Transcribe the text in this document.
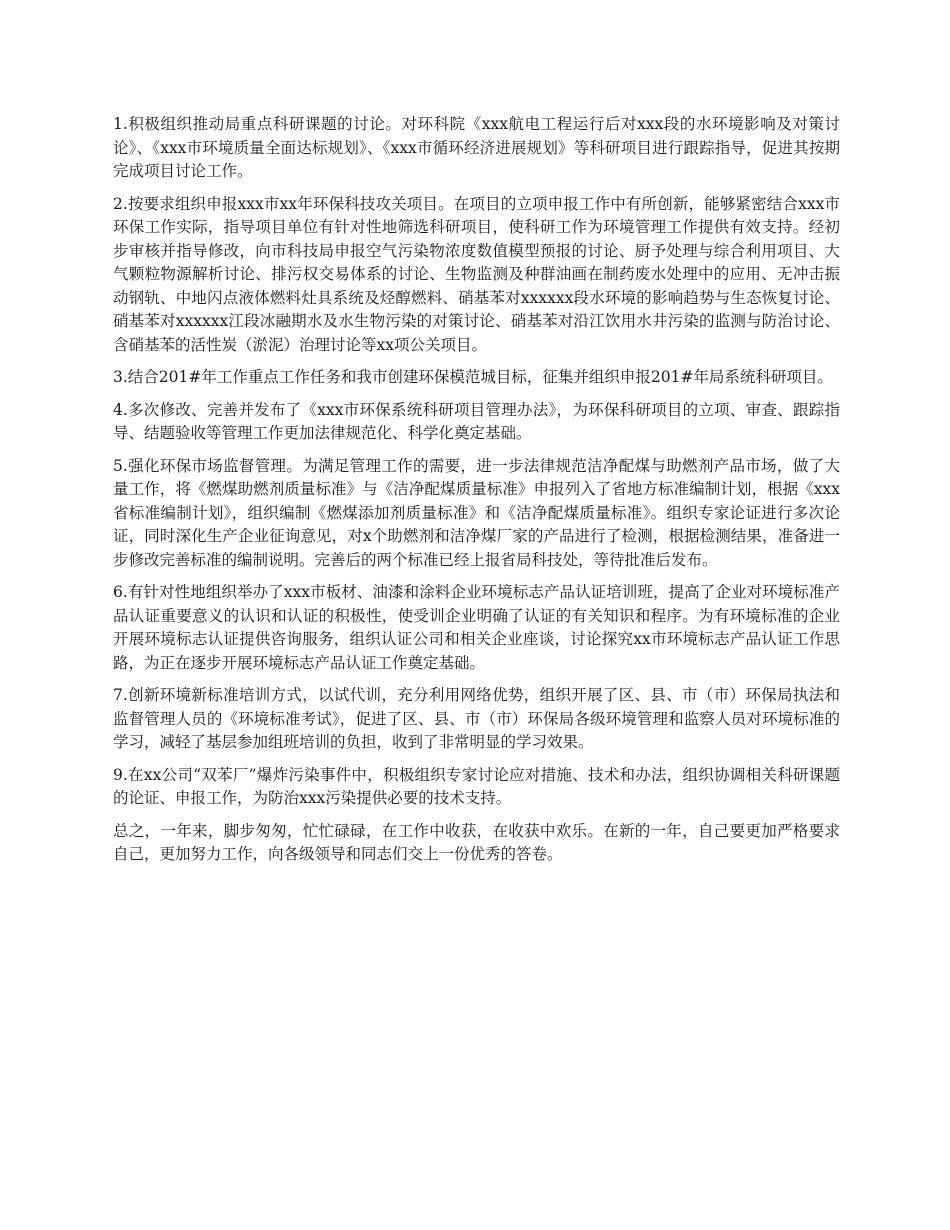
1.积极组织推动局重点科研课题的讨论。对环科院《xxx航电工程运行后对xxx段的水环境影响及对策讨论》、《xxx市环境质量全面达标规划》、《xxx市循环经济进展规划》等科研项目进行跟踪指导，促进其按期完成项目讨论工作。

2.按要求组织申报xxx市xx年环保科技攻关项目。在项目的立项申报工作中有所创新，能够紧密结合xxx市环保工作实际，指导项目单位有针对性地筛选科研项目，使科研工作为环境管理工作提供有效支持。经初步审核并指导修改，向市科技局申报空气污染物浓度数值模型预报的讨论、厨予处理与综合利用项目、大气颗粒物源解析讨论、排污权交易体系的讨论、生物监测及种群油画在制药废水处理中的应用、无冲击振动钢轨、中地闪点液体燃料灶具系统及烃醇燃料、硝基苯对xxxxxx段水环境的影响趋势与生态恢复讨论、硝基苯对xxxxxx江段冰融期水及水生物污染的对策讨论、硝基苯对沿江饮用水井污染的监测与防治讨论、含硝基苯的活性炭（淤泥）治理讨论等xx项公关项目。

3.结合201#年工作重点工作任务和我市创建环保模范城目标，征集并组织申报201#年局系统科研项目。

4.多次修改、完善并发布了《xxx市环保系统科研项目管理办法》，为环保科研项目的立项、审查、跟踪指导、结题验收等管理工作更加法律规范化、科学化奠定基础。

5.强化环保市场监督管理。为满足管理工作的需要，进一步法律规范洁净配煤与助燃剂产品市场，做了大量工作，将《燃煤助燃剂质量标准》与《洁净配煤质量标准》申报列入了省地方标准编制计划，根据《xxx省标准编制计划》，组织编制《燃煤添加剂质量标准》和《洁净配煤质量标准》。组织专家论证进行多次论证，同时深化生产企业征询意见，对x个助燃剂和洁净煤厂家的产品进行了检测，根据检测结果，准备进一步修改完善标准的编制说明。完善后的两个标准已经上报省局科技处，等待批准后发布。

6.有针对性地组织举办了xxx市板材、油漆和涂料企业环境标志产品认证培训班，提高了企业对环境标准产品认证重要意义的认识和认证的积极性，使受训企业明确了认证的有关知识和程序。为有环境标准的企业开展环境标志认证提供咨询服务，组织认证公司和相关企业座谈，讨论探究xx市环境标志产品认证工作思路，为正在逐步开展环境标志产品认证工作奠定基础。

7.创新环境新标准培训方式，以试代训，充分利用网络优势，组织开展了区、县、市（市）环保局执法和监督管理人员的《环境标准考试》，促进了区、县、市（市）环保局各级环境管理和监察人员对环境标准的学习，减轻了基层参加组班培训的负担，收到了非常明显的学习效果。

9.在xx公司“双苯厂”爆炸污染事件中，积极组织专家讨论应对措施、技术和办法，组织协调相关科研课题的论证、申报工作，为防治xxx污染提供必要的技术支持。

总之，一年来，脚步匆匆，忙忙碌碌，在工作中收获，在收获中欢乐。在新的一年，自己要更加严格要求自己，更加努力工作，向各级领导和同志们交上一份优秀的答卷。
